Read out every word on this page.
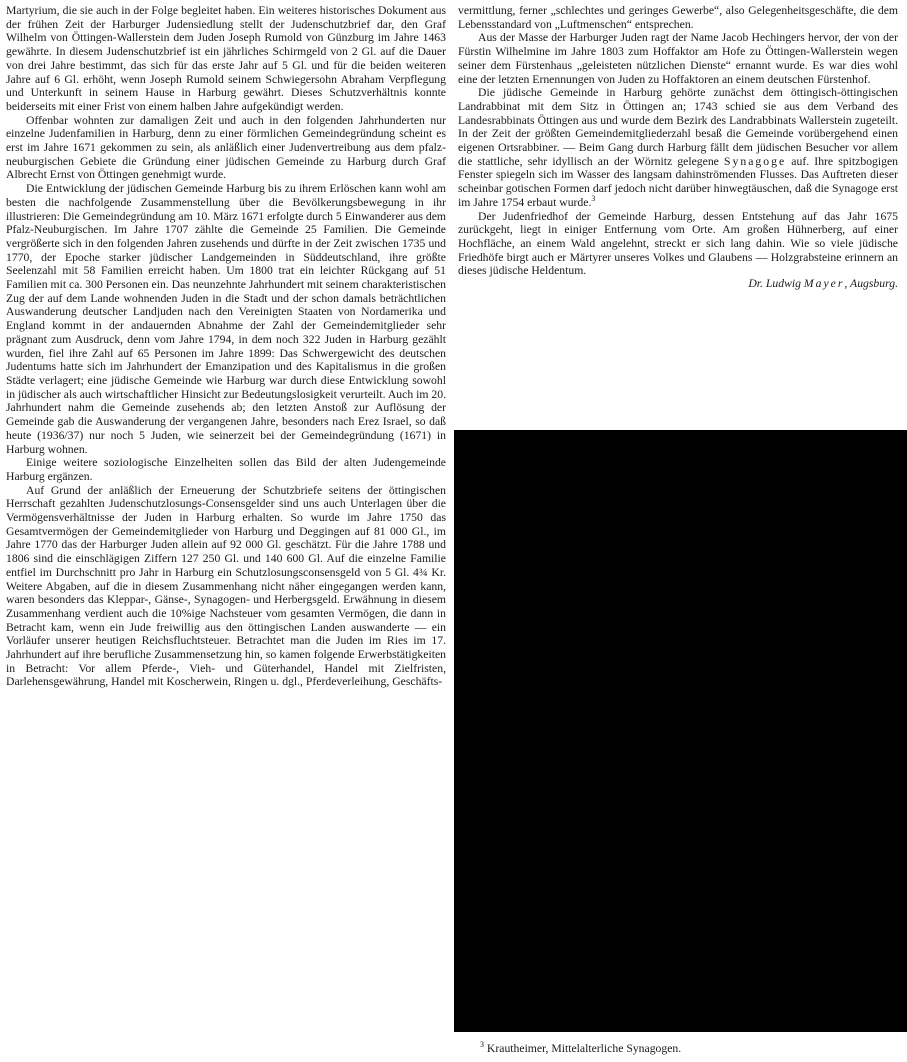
Martyrium, die sie auch in der Folge begleitet haben. Ein weiteres historisches Dokument aus der frühen Zeit der Harburger Judensiedlung stellt der Judenschutzbrief dar, den Graf Wilhelm von Öttingen-Wallerstein dem Juden Joseph Rumold von Günzburg im Jahre 1463 gewährte. In diesem Judenschutzbrief ist ein jährliches Schirmgeld von 2 Gl. auf die Dauer von drei Jahre bestimmt, das sich für das erste Jahr auf 5 Gl. und für die beiden weiteren Jahre auf 6 Gl. erhöht, wenn Joseph Rumold seinem Schwiegersohn Abraham Verpflegung und Unterkunft in seinem Hause in Harburg gewährt. Dieses Schutzverhältnis konnte beiderseits mit einer Frist von einem halben Jahre aufgekündigt werden.

Offenbar wohnten zur damaligen Zeit und auch in den folgenden Jahrhunderten nur einzelne Judenfamilien in Harburg, denn zu einer förmlichen Gemeindegründung scheint es erst im Jahre 1671 gekommen zu sein, als anläßlich einer Judenvertreibung aus dem pfalz-neuburgischen Gebiete die Gründung einer jüdischen Gemeinde zu Harburg durch Graf Albrecht Ernst von Öttingen genehmigt wurde.

Die Entwicklung der jüdischen Gemeinde Harburg bis zu ihrem Erlöschen kann wohl am besten die nachfolgende Zusammenstellung über die Bevölkerungsbewegung in ihr illustrieren: Die Gemeindegründung am 10. März 1671 erfolgte durch 5 Einwanderer aus dem Pfalz-Neuburgischen. Im Jahre 1707 zählte die Gemeinde 25 Familien. Die Gemeinde vergrößerte sich in den folgenden Jahren zusehends und dürfte in der Zeit zwischen 1735 und 1770, der Epoche starker jüdischer Landgemeinden in Süddeutschland, ihre größte Seelenzahl mit 58 Familien erreicht haben. Um 1800 trat ein leichter Rückgang auf 51 Familien mit ca. 300 Personen ein. Das neunzehnte Jahrhundert mit seinem charakteristischen Zug der auf dem Lande wohnenden Juden in die Stadt und der schon damals beträchtlichen Auswanderung deutscher Landjuden nach den Vereinigten Staaten von Nordamerika und England kommt in der andauernden Abnahme der Zahl der Gemeindemitglieder sehr prägnant zum Ausdruck, denn vom Jahre 1794, in dem noch 322 Juden in Harburg gezählt wurden, fiel ihre Zahl auf 65 Personen im Jahre 1899: Das Schwergewicht des deutschen Judentums hatte sich im Jahrhundert der Emanzipation und des Kapitalismus in die großen Städte verlagert; eine jüdische Gemeinde wie Harburg war durch diese Entwicklung sowohl in jüdischer als auch wirtschaftlicher Hinsicht zur Bedeutungslosigkeit verurteilt. Auch im 20. Jahrhundert nahm die Gemeinde zusehends ab; den letzten Anstoß zur Auflösung der Gemeinde gab die Auswanderung der vergangenen Jahre, besonders nach Erez Israel, so daß heute (1936/37) nur noch 5 Juden, wie seinerzeit bei der Gemeindegründung (1671) in Harburg wohnen.

Einige weitere soziologische Einzelheiten sollen das Bild der alten Judengemeinde Harburg ergänzen.

Auf Grund der anläßlich der Erneuerung der Schutzbriefe seitens der öttingischen Herrschaft gezahlten Judenschutzlosungs-Consensgelder sind uns auch Unterlagen über die Vermögensverhältnisse der Juden in Harburg erhalten. So wurde im Jahre 1750 das Gesamtvermögen der Gemeindemitglieder von Harburg und Deggingen auf 81 000 Gl., im Jahre 1770 das der Harburger Juden allein auf 92 000 Gl. geschätzt. Für die Jahre 1788 und 1806 sind die einschlägigen Ziffern 127 250 Gl. und 140 600 Gl. Auf die einzelne Familie entfiel im Durchschnitt pro Jahr in Harburg ein Schutzlosungsconsensgeld von 5 Gl. 4¾ Kr. Weitere Abgaben, auf die in diesem Zusammenhang nicht näher eingegangen werden kann, waren besonders das Kleppar-, Gänse-, Synagogen- und Herbergsgeld. Erwähnung in diesem Zusammenhang verdient auch die 10%ige Nachsteuer vom gesamten Vermögen, die dann in Betracht kam, wenn ein Jude freiwillig aus den öttingischen Landen auswanderte — ein Vorläufer unserer heutigen Reichsfluchtsteuer. Betrachtet man die Juden im Ries im 17. Jahrhundert auf ihre berufliche Zusammensetzung hin, so kamen folgende Erwerbstätigkeiten in Betracht: Vor allem Pferde-, Vieh- und Güterhandel, Handel mit Zielfristen, Darlehensgewährung, Handel mit Koscherwein, Ringen u. dgl., Pferdeverleihung, Geschäfts-

vermittlung, ferner „schlechtes und geringes Gewerbe“, also Gelegenheitsgeschäfte, die dem Lebensstandard von „Luftmenschen“ entsprechen.

Aus der Masse der Harburger Juden ragt der Name Jacob Hechingers hervor, der von der Fürstin Wilhelmine im Jahre 1803 zum Hoffaktor am Hofe zu Öttingen-Wallerstein wegen seiner dem Fürstenhaus „geleisteten nützlichen Dienste“ ernannt wurde. Es war dies wohl eine der letzten Ernennungen von Juden zu Hoffaktoren an einem deutschen Fürstenhof.

Die jüdische Gemeinde in Harburg gehörte zunächst dem öttingisch-öttingischen Landrabbinat mit dem Sitz in Öttingen an; 1743 schied sie aus dem Verband des Landesrabbinats Öttingen aus und wurde dem Bezirk des Landrabbinats Wallerstein zugeteilt. In der Zeit der größten Gemeindemitgliederzahl besaß die Gemeinde vorübergehend einen eigenen Ortsrabbiner. — Beim Gang durch Harburg fällt dem jüdischen Besucher vor allem die stattliche, sehr idyllisch an der Wörnitz gelegene Synagoge auf. Ihre spitzbogigen Fenster spiegeln sich im Wasser des langsam dahinströmenden Flusses. Das Auftreten dieser scheinbar gotischen Formen darf jedoch nicht darüber hinwegtäuschen, daß die Synagoge erst im Jahre 1754 erbaut wurde.$^3$

Der Judenfriedhof der Gemeinde Harburg, dessen Entstehung auf das Jahr 1675 zurückgeht, liegt in einiger Entfernung vom Orte. Am großen Hühnerberg, auf einer Hochfläche, an einem Wald angelehnt, streckt er sich lang dahin. Wie so viele jüdische Friedhöfe birgt auch er Märtyrer unseres Volkes und Glaubens — Holzgrabsteine erinnern an dieses jüdische Heldentum.

Dr. Ludwig Mayer, Augsburg.

$^3$ Krautheimer, Mittelalterliche Synagogen.
